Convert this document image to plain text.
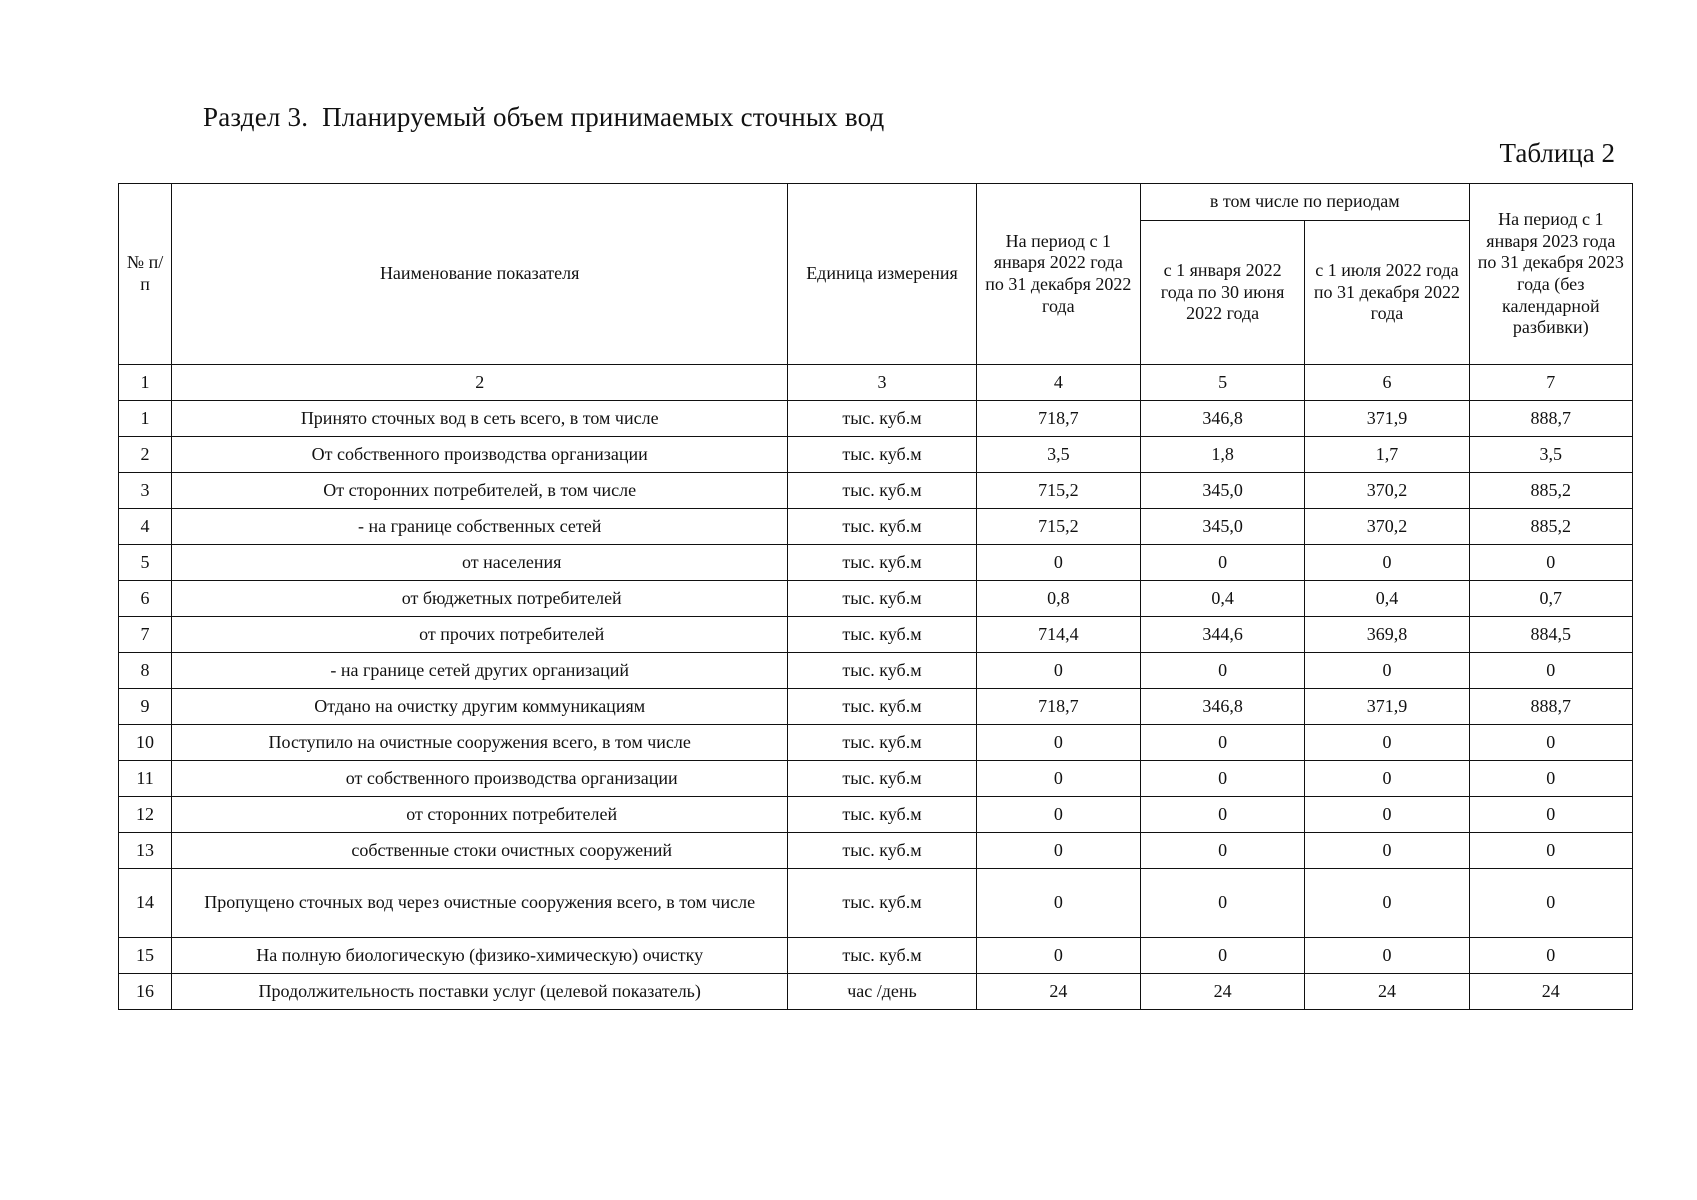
Раздел 3.  Планируемый объем принимаемых сточных вод
Таблица 2
№ п/п	Наименование показателя	Единица измерения	На период с 1 января 2022 года по 31 декабря 2022 года	в том числе по периодам		На период с 1 января 2023 года по 31 декабря 2023 года (без календарной разбивки)
				с 1 января 2022 года по 30 июня 2022 года	с 1 июля 2022 года по 31 декабря 2022 года	
1	2	3	4	5	6	7
1	Принято сточных вод в сеть всего, в том числе	тыс. куб.м	718,7	346,8	371,9	888,7
2	От собственного производства организации	тыс. куб.м	3,5	1,8	1,7	3,5
3	От сторонних потребителей, в том числе	тыс. куб.м	715,2	345,0	370,2	885,2
4	- на границе собственных сетей	тыс. куб.м	715,2	345,0	370,2	885,2
5	от населения	тыс. куб.м	0	0	0	0
6	от бюджетных потребителей	тыс. куб.м	0,8	0,4	0,4	0,7
7	от прочих потребителей	тыс. куб.м	714,4	344,6	369,8	884,5
8	- на границе сетей других организаций	тыс. куб.м	0	0	0	0
9	Отдано на очистку другим коммуникациям	тыс. куб.м	718,7	346,8	371,9	888,7
10	Поступило на очистные сооружения всего, в том числе	тыс. куб.м	0	0	0	0
11	от собственного производства организации	тыс. куб.м	0	0	0	0
12	от сторонних потребителей	тыс. куб.м	0	0	0	0
13	собственные стоки очистных сооружений	тыс. куб.м	0	0	0	0
14	Пропущено сточных вод через очистные сооружения всего, в том числе	тыс. куб.м	0	0	0	0
15	На полную биологическую (физико-химическую) очистку	тыс. куб.м	0	0	0	0
16	Продолжительность поставки услуг (целевой показатель)	час /день	24	24	24	24
